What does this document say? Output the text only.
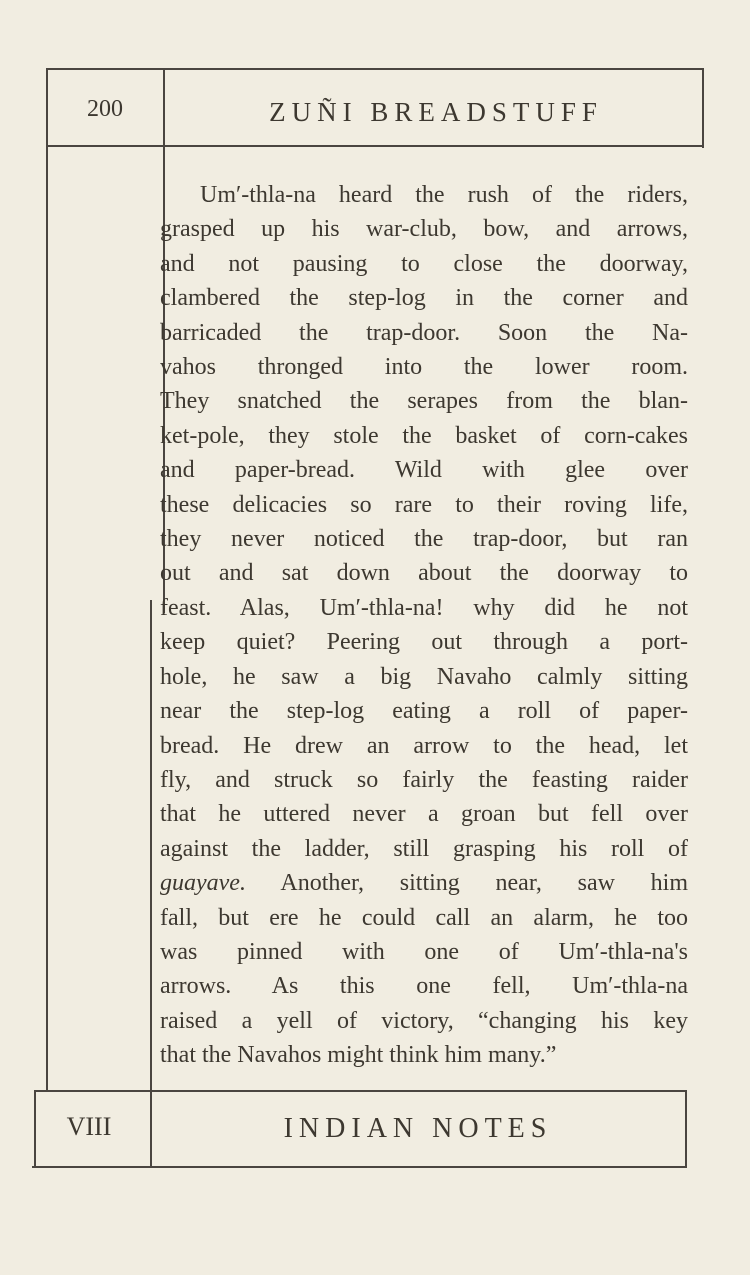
200	ZUÑI BREADSTUFF
Um′-thla-na heard the rush of the riders,
grasped up his war-club, bow, and arrows,
and not pausing to close the doorway,
clambered the step-log in the corner and
barricaded the trap-door. Soon the Na-
vahos thronged into the lower room.
They snatched the serapes from the blan-
ket-pole, they stole the basket of corn-cakes
and paper-bread. Wild with glee over
these delicacies so rare to their roving life,
they never noticed the trap-door, but ran
out and sat down about the doorway to
feast. Alas, Um′-thla-na! why did he not
keep quiet? Peering out through a port-
hole, he saw a big Navaho calmly sitting
near the step-log eating a roll of paper-
bread. He drew an arrow to the head, let
fly, and struck so fairly the feasting raider
that he uttered never a groan but fell over
against the ladder, still grasping his roll of
guayave. Another, sitting near, saw him
fall, but ere he could call an alarm, he too
was pinned with one of Um′-thla-na's
arrows. As this one fell, Um′-thla-na
raised a yell of victory, “changing his key
that the Navahos might think him many.”
VIII	INDIAN NOTES
